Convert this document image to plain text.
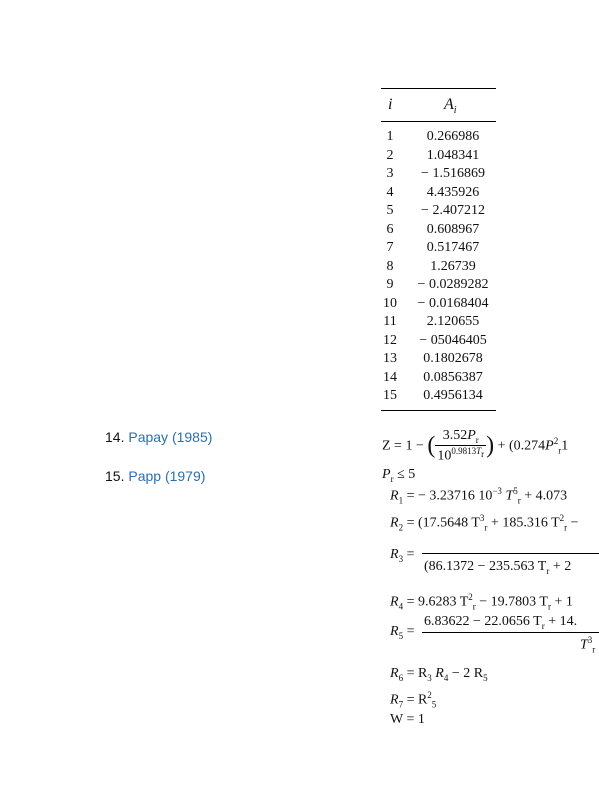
i	$A_i$
1	0.266986
2	1.048341
3	− 1.516869
4	4.435926
5	− 2.407212
6	0.608967
7	0.517467
8	1.26739
9	− 0.0289282
10	− 0.0168404
11	2.120655
12	− 05046405
13	0.1802678
14	0.0856387
15	0.4956134
14. Papay (1985)
15. Papp (1979)
Z = 1 − ( $\frac{3.52P_r}{10^{0.9813T_r}}$ ) + ($0.274P^2_r1$
$P_r \le 5$
$R_1$ = − 3.23716 $10^{-3}$ $T^5_r + 4.073$
$R_2 = (17.5648$ $T^3_r + 185.316$ $T^2_r$ −
$R_3$ =
(86.1372 − 235.563 $T_r + 2$
$R_4 = 9.6283$ $T^2_r - 19.7803$ $T_r + 1$
$R_5$ =
6.83622 − 22.0656 $T_r + 14$.
$T^3_r$
$R_6 = R_3$ $R_4 - 2$ $R_5$
$R_7 = R^2_5$
W = 1
